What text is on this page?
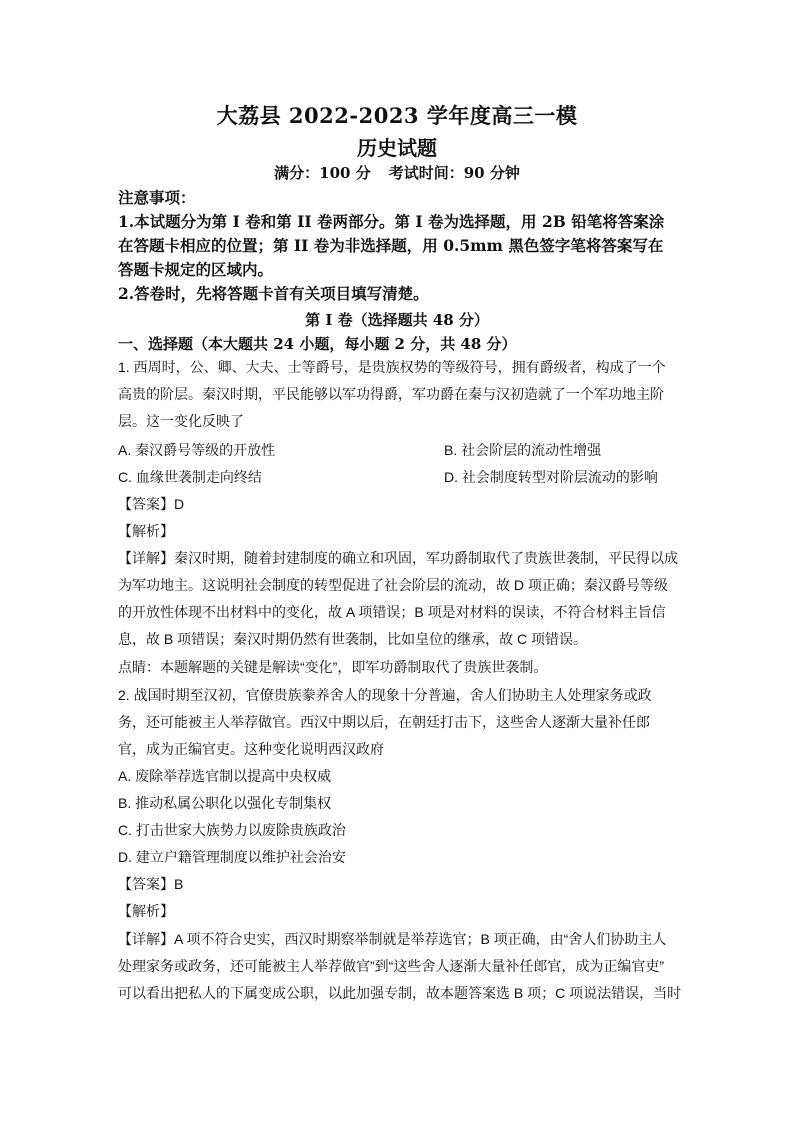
大荔县 2022-2023 学年度高三一模
历史试题
满分：100 分 考试时间：90 分钟
注意事项：
1.本试题分为第 I 卷和第 II 卷两部分。第 I 卷为选择题，用 2B 铅笔将答案涂
在答题卡相应的位置；第 II 卷为非选择题，用 0.5mm 黑色签字笔将答案写在
答题卡规定的区域内。
2.答卷时，先将答题卡首有关项目填写清楚。
第 I 卷（选择题共 48 分）
一、选择题（本大题共 24 小题，每小题 2 分，共 48 分）
1. 西周时，公、卿、大夫、士等爵号，是贵族权势的等级符号，拥有爵级者，构成了一个
高贵的阶层。秦汉时期，平民能够以军功得爵，军功爵在秦与汉初造就了一个军功地主阶
层。这一变化反映了
A. 秦汉爵号等级的开放性	B. 社会阶层的流动性增强
C. 血缘世袭制走向终结	D. 社会制度转型对阶层流动的影响
【答案】D
【解析】
【详解】秦汉时期，随着封建制度的确立和巩固，军功爵制取代了贵族世袭制，平民得以成
为军功地主。这说明社会制度的转型促进了社会阶层的流动，故 D 项正确；秦汉爵号等级
的开放性体现不出材料中的变化，故 A 项错误；B 项是对材料的误读，不符合材料主旨信
息，故 B 项错误；秦汉时期仍然有世袭制，比如皇位的继承，故 C 项错误。
点睛：本题解题的关键是解读“变化”，即军功爵制取代了贵族世袭制。
2. 战国时期至汉初，官僚贵族豢养舍人的现象十分普遍，舍人们协助主人处理家务或政
务，还可能被主人举荐做官。西汉中期以后，在朝廷打击下，这些舍人逐渐大量补任郎
官，成为正编官吏。这种变化说明西汉政府
A. 废除举荐选官制以提高中央权威
B. 推动私属公职化以强化专制集权
C. 打击世家大族势力以废除贵族政治
D. 建立户籍管理制度以维护社会治安
【答案】B
【解析】
【详解】A 项不符合史实，西汉时期察举制就是举荐选官；B 项正确，由“舍人们协助主人
处理家务或政务，还可能被主人举荐做官”到“这些舍人逐渐大量补任郎官，成为正编官吏”
可以看出把私人的下属变成公职，以此加强专制，故本题答案选 B 项；C 项说法错误，当时
